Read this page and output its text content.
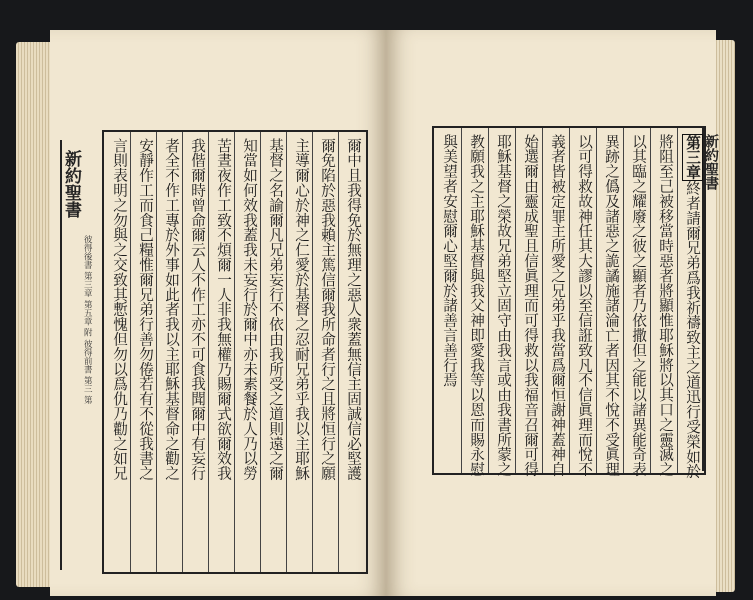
新約聖書
彼得後書 第三章 第五章 附 彼得前書 第三 第 言則表明之勿與之交致其慙愧但勿以爲仇乃勸之如兄 安靜作工而食己糧惟爾兄弟行善勿倦若有不從我書之 者全不作工專於外事如此者我以主耶穌基督命之勸之 我偕爾時曾命爾云人不作工亦不可食我聞爾中有妄行 苦晝夜作工致不煩爾一人非我無權乃賜爾式欲爾效我 知當如何效我蓋我未妄行於爾中亦未素餐於人乃以勞 基督之名諭爾凡兄弟妄行不依由我所受之道則遠之爾 主導爾心於神之仁愛於基督之忍耐兄弟乎我以主耶穌 爾免陷於惡我賴主篤信爾我所命者行之且將恒行之願 爾中且我得免於無理之惡人衆蓋無信主固誠信必堅護	新約聖書
與美望者安慰爾心堅爾於諸善言善行焉 教願我之主耶穌基督與我父神即愛我等以恩而賜永慰 耶穌基督之榮故兄弟堅立固守由我言或由我書所蒙之 始選爾由靈成聖且信眞理而可得救以我福音召爾可得 義者皆被定罪主所愛之兄弟乎我當爲爾恒謝神蓋神自 以可得救故神任其大謬以至信誑致凡不信眞理而悅不 異跡之僞及諸惡之詭譎施諸淪亡者因其不悅不受眞理 以其臨之耀廢之彼之顯者乃依撒但之能以諸異能奇表 將阻至己被移當時惡者將顯惟耶穌將以其口之靈滅之 第三章終者請爾兄弟爲我祈禱致主之道迅行受榮如於
